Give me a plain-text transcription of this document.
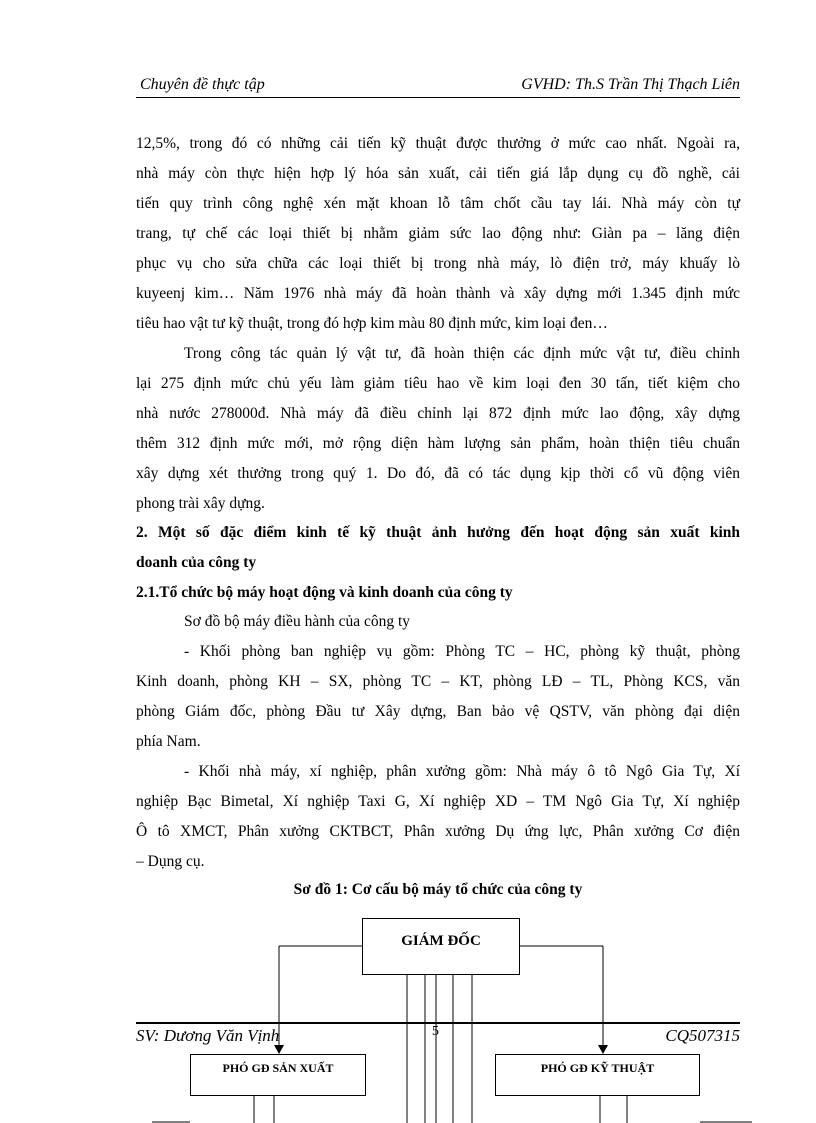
Chuyên đề thực tập	GVHD: Th.S Trần Thị Thạch Liên
12,5%, trong đó có những cải tiến kỹ thuật được thưởng ở mức cao nhất. Ngoài ra,
nhà máy còn thực hiện hợp lý hóa sản xuất, cải tiến giá lắp dụng cụ đồ nghề, cải
tiến quy trình công nghệ xén mặt khoan lỗ tâm chốt cầu tay lái. Nhà máy còn tự
trang, tự chế các loại thiết bị nhằm giảm sức lao động như: Giàn pa – lăng điện
phục vụ cho sửa chữa các loại thiết bị trong nhà máy, lò điện trở, máy khuấy lò
kuyeenj kim… Năm 1976 nhà máy đã hoàn thành và xây dựng mới 1.345 định mức
tiêu hao vật tư kỹ thuật, trong đó hợp kim màu 80 định mức, kim loại đen…
Trong công tác quản lý vật tư, đã hoàn thiện các định mức vật tư, điều chỉnh
lại 275 định mức chủ yếu làm giảm tiêu hao về kim loại đen 30 tấn, tiết kiệm cho
nhà nước 278000đ. Nhà máy đã điều chỉnh lại 872 định mức lao động, xây dựng
thêm 312 định mức mới, mở rộng diện hàm lượng sản phẩm, hoàn thiện tiêu chuẩn
xây dựng xét thưởng trong quý 1. Do đó, đã có tác dụng kịp thời cổ vũ động viên
phong trài xây dựng.
2. Một số đặc điểm kinh tế kỹ thuật ảnh hưởng đến hoạt động sản xuất kinh
doanh của công ty
2.1.Tổ chức bộ máy hoạt động và kinh doanh của công ty
Sơ đồ bộ máy điều hành của công ty
- Khối phòng ban nghiệp vụ gồm: Phòng TC – HC, phòng kỹ thuật, phòng
Kinh doanh, phòng KH – SX, phòng TC – KT, phòng LĐ – TL, Phòng KCS, văn
phòng Giám đốc, phòng Đầu tư Xây dựng, Ban bảo vệ QSTV, văn phòng đại diện
phía Nam.
- Khối nhà máy, xí nghiệp, phân xưởng gồm: Nhà máy ô tô Ngô Gia Tự, Xí
nghiệp Bạc Bimetal, Xí nghiệp Taxi G, Xí nghiệp XD – TM Ngô Gia Tự, Xí nghiệp
Ô tô XMCT, Phân xưởng CKTBCT, Phân xưởng Dụ ứng lực, Phân xưởng Cơ điện
– Dụng cụ.
Sơ đồ 1: Cơ cấu bộ máy tổ chức của công ty
GIÁM ĐỐC
PHÓ GĐ SẢN XUẤT	PHÓ GĐ KỸ THUẬT
SV: Dương Văn Vịnh	5	CQ507315
